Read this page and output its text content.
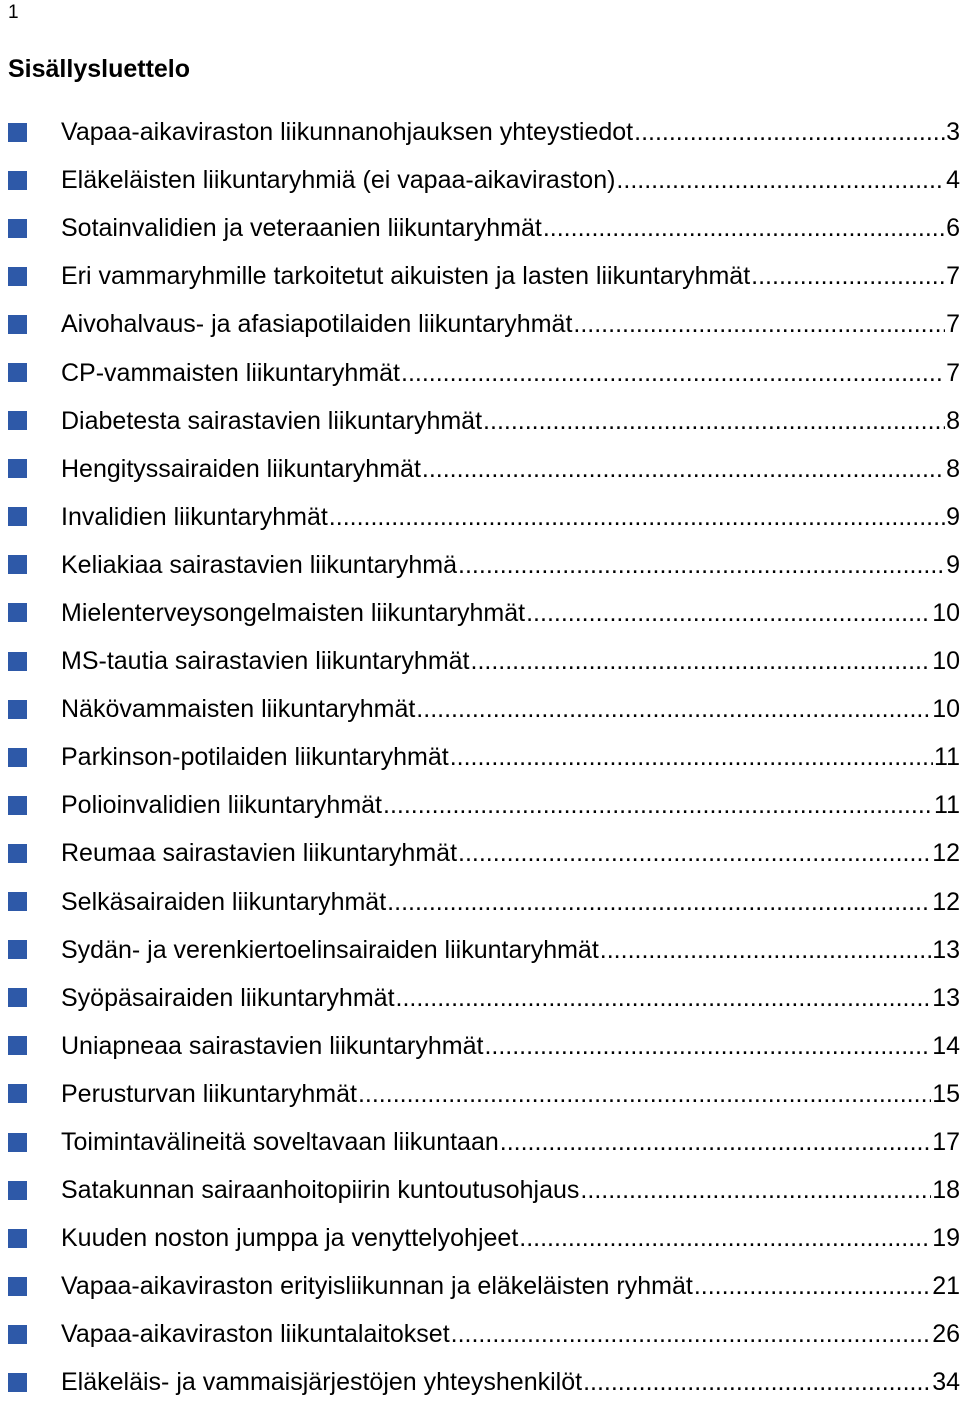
1
Sisällysluettelo
Vapaa-aikaviraston liikunnanohjauksen yhteystiedot .....	3
Eläkeläisten liikuntaryhmiä (ei vapaa-aikaviraston) .....	4
Sotainvalidien ja veteraanien liikuntaryhmät .....	6
Eri vammaryhmille tarkoitetut aikuisten ja lasten liikuntaryhmät .....	7
Aivohalvaus- ja afasiapotilaiden liikuntaryhmät .....	7
CP-vammaisten liikuntaryhmät .....	7
Diabetesta sairastavien liikuntaryhmät .....	8
Hengityssairaiden liikuntaryhmät .....	8
Invalidien liikuntaryhmät .....	9
Keliakiaa sairastavien liikuntaryhmä .....	9
Mielenterveysongelmaisten liikuntaryhmät .....	10
MS-tautia sairastavien liikuntaryhmät .....	10
Näkövammaisten liikuntaryhmät .....	10
Parkinson-potilaiden liikuntaryhmät .....	11
Polioinvalidien liikuntaryhmät .....	11
Reumaa sairastavien liikuntaryhmät .....	12
Selkäsairaiden liikuntaryhmät .....	12
Sydän- ja verenkiertoelinsairaiden liikuntaryhmät .....	13
Syöpäsairaiden liikuntaryhmät .....	13
Uniapneaa sairastavien liikuntaryhmät .....	14
Perusturvan liikuntaryhmät .....	15
Toimintavälineitä soveltavaan liikuntaan .....	17
Satakunnan sairaanhoitopiirin kuntoutusohjaus .....	18
Kuuden noston jumppa ja venyttelyohjeet .....	19
Vapaa-aikaviraston erityisliikunnan ja eläkeläisten ryhmät .....	21
Vapaa-aikaviraston liikuntalaitokset .....	26
Eläkeläis- ja vammaisjärjestöjen yhteyshenkilöt .....	34
